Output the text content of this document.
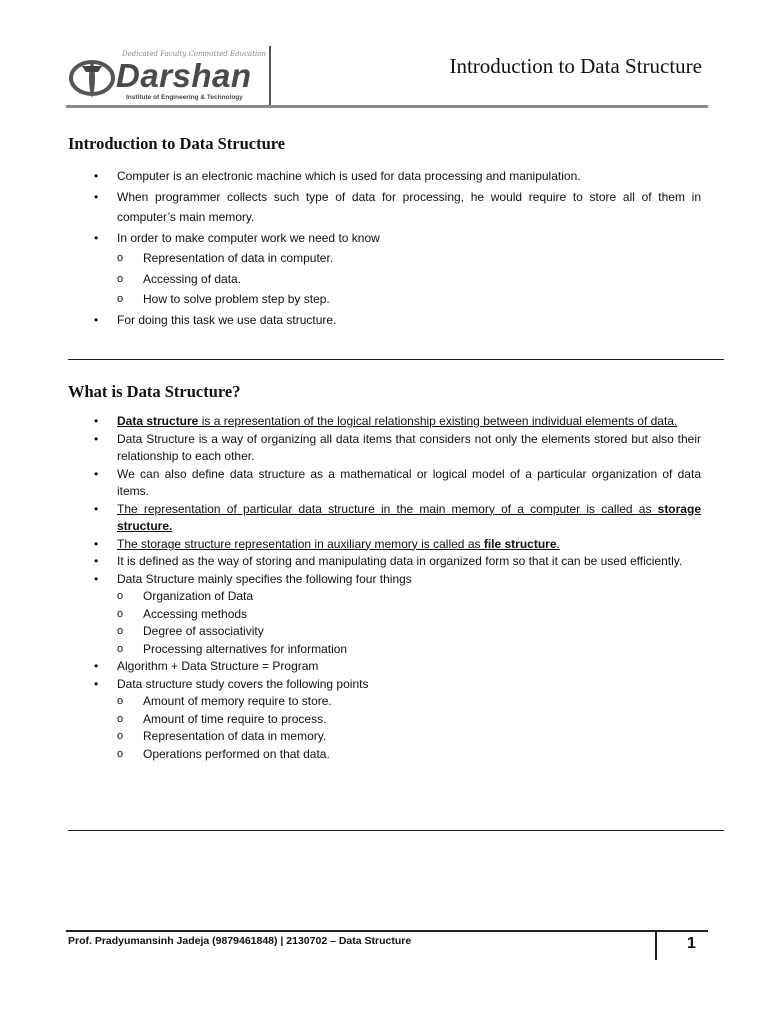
Dedicated Faculty Committed Education
Darshan
Institute of Engineering & Technology
Introduction to Data Structure
Introduction to Data Structure
• Computer is an electronic machine which is used for data processing and manipulation.
• When programmer collects such type of data for processing, he would require to store all of them in computer’s main memory.
• In order to make computer work we need to know
o Representation of data in computer.
o Accessing of data.
o How to solve problem step by step.
• For doing this task we use data structure.
What is Data Structure?
• Data structure is a representation of the logical relationship existing between individual elements of data.
• Data Structure is a way of organizing all data items that considers not only the elements stored but also their relationship to each other.
• We can also define data structure as a mathematical or logical model of a particular organization of data items.
• The representation of particular data structure in the main memory of a computer is called as storage structure.
• The storage structure representation in auxiliary memory is called as file structure.
• It is defined as the way of storing and manipulating data in organized form so that it can be used efficiently.
• Data Structure mainly specifies the following four things
o Organization of Data
o Accessing methods
o Degree of associativity
o Processing alternatives for information
• Algorithm + Data Structure = Program
• Data structure study covers the following points
o Amount of memory require to store.
o Amount of time require to process.
o Representation of data in memory.
o Operations performed on that data.
Prof. Pradyumansinh Jadeja (9879461848) | 2130702 – Data Structure	1
